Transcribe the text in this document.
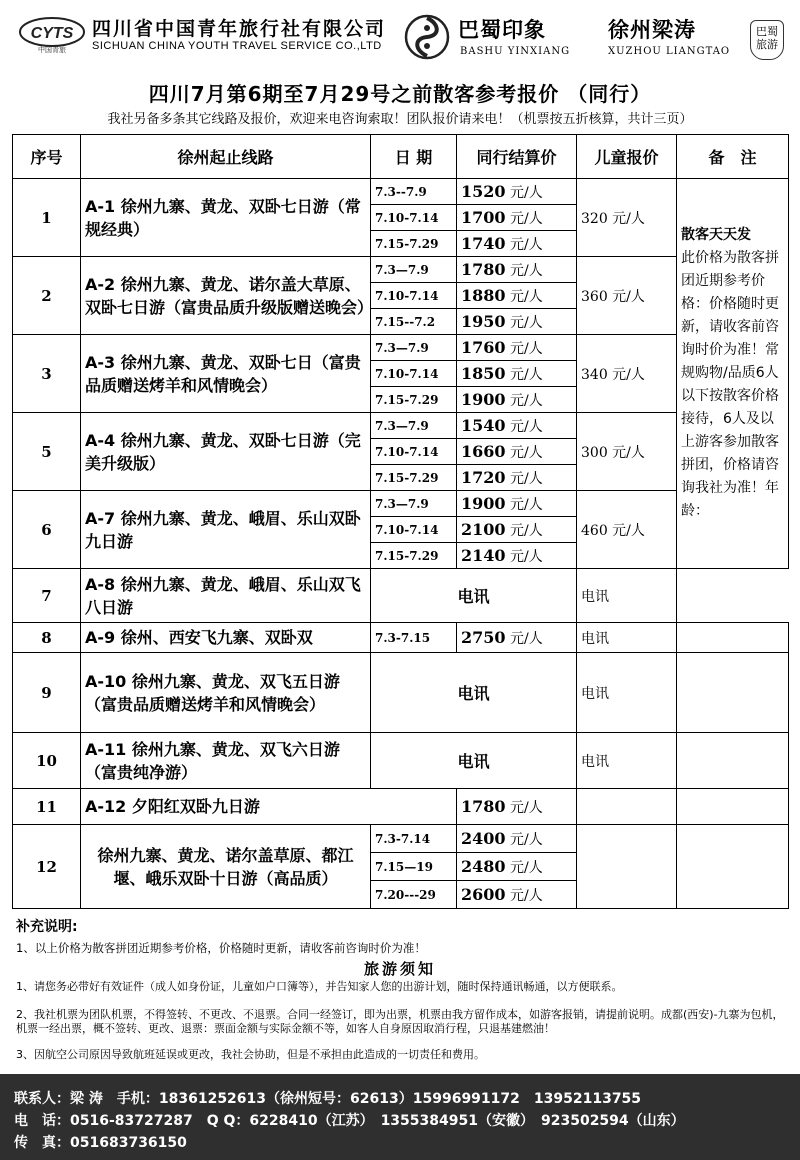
CYTS
中国青旅
四川省中国青年旅行社有限公司
SICHUAN CHINA YOUTH TRAVEL SERVICE CO.,LTD
巴蜀印象
BASHU YINXIANG
徐州梁涛
XUZHOU LIANGTAO
巴蜀旅游
四川7月第6期至7月29号之前散客参考报价 （同行）
我社另备多条其它线路及报价，欢迎来电咨询索取！团队报价请来电！（机票按五折核算，共计三页）
序号	徐州起止线路	日 期	同行结算价	儿童报价	备　注
1	A-1 徐州九寨、黄龙、双卧七日游（常规经典）	7.3--7.9	1520 元/人	320 元/人	散客天天发
此价格为散客拼团近期参考价格：价格随时更新，请收客前咨询时价为准！常规购物/品质6人以下按散客价格接待，6人及以上游客参加散客拼团，价格请咨询我社为准！年龄：
		7.10-7.14	1700 元/人		
		7.15-7.29	1740 元/人		
2	A-2 徐州九寨、黄龙、诺尔盖大草原、双卧七日游（富贵品质升级版赠送晚会）	7.3—7.9	1780 元/人	360 元/人	
		7.10-7.14	1880 元/人		
		7.15--7.2	1950 元/人		
3	A-3 徐州九寨、黄龙、双卧七日（富贵品质赠送烤羊和风情晚会）	7.3—7.9	1760 元/人	340 元/人	
		7.10-7.14	1850 元/人		
		7.15-7.29	1900 元/人		
5	A-4 徐州九寨、黄龙、双卧七日游（完美升级版）	7.3—7.9	1540 元/人	300 元/人	
		7.10-7.14	1660 元/人		
		7.15-7.29	1720 元/人		
6	A-7 徐州九寨、黄龙、峨眉、乐山双卧九日游	7.3—7.9	1900 元/人	460 元/人	
		7.10-7.14	2100 元/人		
		7.15-7.29	2140 元/人		
7	A-8 徐州九寨、黄龙、峨眉、乐山双飞八日游	电讯		电讯	
8	A-9 徐州、西安飞九寨、双卧双	7.3-7.15	2750 元/人	电讯	
9	A-10 徐州九寨、黄龙、双飞五日游（富贵品质赠送烤羊和风情晚会）	电讯		电讯	
10	A-11 徐州九寨、黄龙、双飞六日游（富贵纯净游）	电讯		电讯	
11	A-12 夕阳红双卧九日游		1780 元/人		
12	徐州九寨、黄龙、诺尔盖草原、都江堰、峨乐双卧十日游（高品质）	7.3-7.14	2400 元/人		
		7.15—19	2480 元/人		
		7.20---29	2600 元/人		
补充说明:
1、以上价格为散客拼团近期参考价格，价格随时更新，请收客前咨询时价为准！
旅游须知
1、请您务必带好有效证件（成人如身份证，儿童如户口簿等），并告知家人您的出游计划，随时保持通讯畅通，以方便联系。
2、我社机票为团队机票，不得签转、不更改、不退票。合同一经签订，即为出票，机票由我方留作成本，如游客报销，请提前说明。成都(西安)-九寨为包机，机票一经出票，概不签转、更改、退票：票面金额与实际金额不等，如客人自身原因取消行程，只退基建燃油！
3、因航空公司原因导致航班延误或更改，我社会协助，但是不承担由此造成的一切责任和费用。
联系人：梁 涛　手机：18361252613（徐州短号：62613）15996991172　13952113755
电　话：0516-83727287　Q Q：6228410（江苏）　1355384951（安徽）　923502594（山东）
传　真：051683736150
